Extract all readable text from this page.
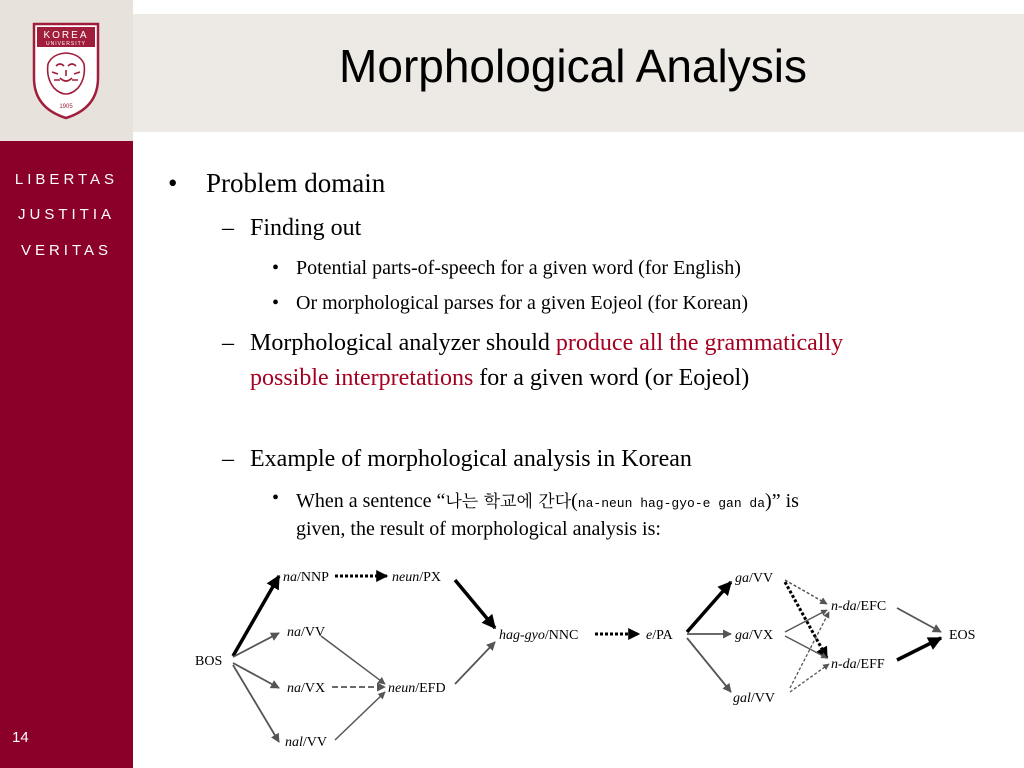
KOREA
UNIVERSITY
1905
LIBERTAS
JUSTITIA
VERITAS
14
Morphological Analysis
• Problem domain
– Finding out
• Potential parts-of-speech for a given word (for English)
• Or morphological parses for a given Eojeol (for Korean)
– Morphological analyzer should produce all the grammatically
possible interpretations for a given word (or Eojeol)
– Example of morphological analysis in Korean
• When a sentence “나는 학교에 간다(na-neun hag-gyo-e gan da)” is
given, the result of morphological analysis is:
BOS
na/NNP
na/VV
na/VX
nal/VV
neun/PX
neun/EFD
hag-gyo/NNC	e/PA
ga/VV
ga/VX
gal/VV
n-da/EFC
n-da/EFF
EOS
